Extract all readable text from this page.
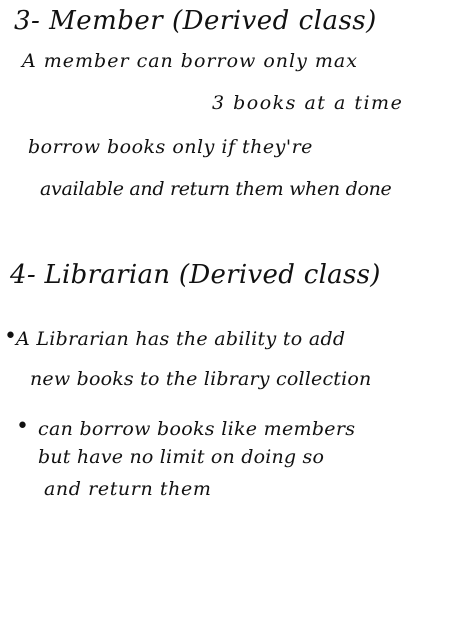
3- Member (Derived class)
A member can borrow only max
3 books at a time
borrow books only if they're
available and return them when done
4- Librarian (Derived class)
• A Librarian has the ability to add
new books to the library collection
• can borrow books like members
but have no limit on doing so
and return them
